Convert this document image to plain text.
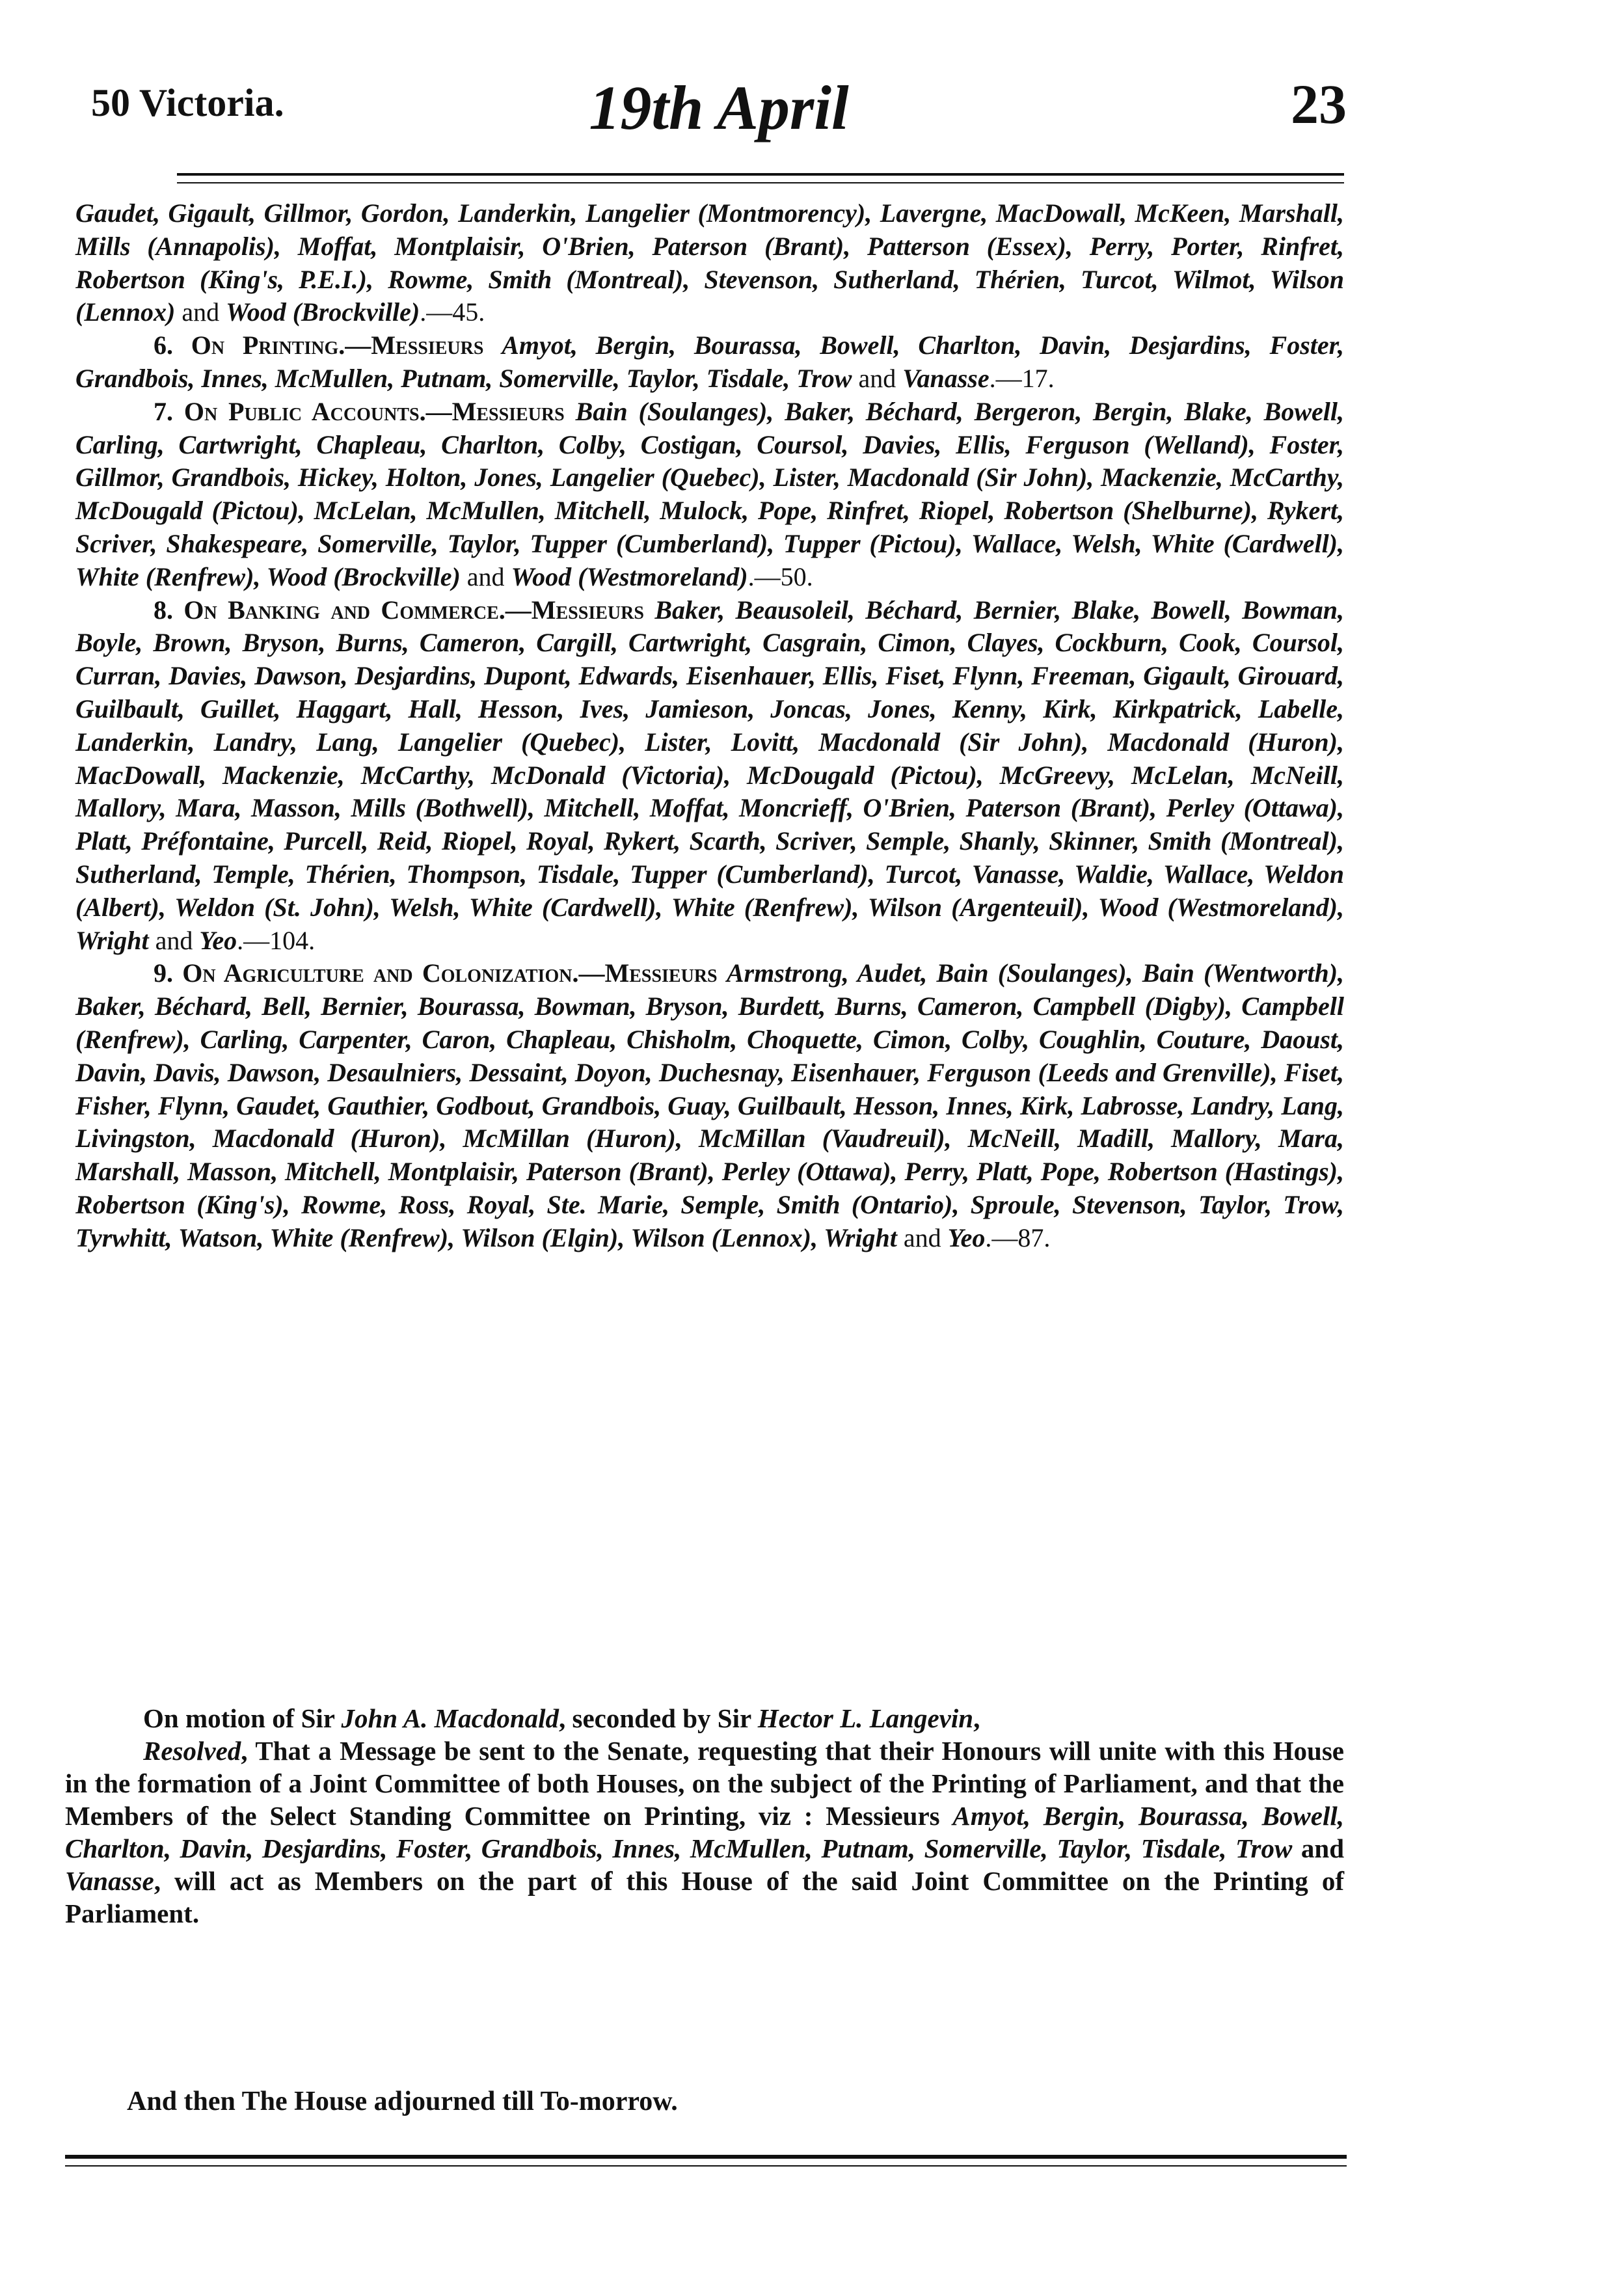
50 Victoria.	19th April	23

Gaudet, Gigault, Gillmor, Gordon, Landerkin, Langelier (Montmorency), Lavergne, MacDowall, McKeen, Marshall, Mills (Annapolis), Moffat, Montplaisir, O'Brien, Paterson (Brant), Patterson (Essex), Perry, Porter, Rinfret, Robertson (King's, P.E.I.), Rowme, Smith (Montreal), Stevenson, Sutherland, Thérien, Turcot, Wilmot, Wilson (Lennox) and Wood (Brockville).—45.

6. On Printing.—Messieurs Amyot, Bergin, Bourassa, Bowell, Charlton, Davin, Desjardins, Foster, Grandbois, Innes, McMullen, Putnam, Somerville, Taylor, Tisdale, Trow and Vanasse.—17.

7. On Public Accounts.—Messieurs Bain (Soulanges), Baker, Béchard, Bergeron, Bergin, Blake, Bowell, Carling, Cartwright, Chapleau, Charlton, Colby, Costigan, Coursol, Davies, Ellis, Ferguson (Welland), Foster, Gillmor, Grandbois, Hickey, Holton, Jones, Langelier (Quebec), Lister, Macdonald (Sir John), Mackenzie, McCarthy, McDougald (Pictou), McLelan, McMullen, Mitchell, Mulock, Pope, Rinfret, Riopel, Robertson (Shelburne), Rykert, Scriver, Shakespeare, Somerville, Taylor, Tupper (Cumberland), Tupper (Pictou), Wallace, Welsh, White (Cardwell), White (Renfrew), Wood (Brockville) and Wood (Westmoreland).—50.

8. On Banking and Commerce.—Messieurs Baker, Beausoleil, Béchard, Bernier, Blake, Bowell, Bowman, Boyle, Brown, Bryson, Burns, Cameron, Cargill, Cartwright, Casgrain, Cimon, Clayes, Cockburn, Cook, Coursol, Curran, Davies, Dawson, Desjardins, Dupont, Edwards, Eisenhauer, Ellis, Fiset, Flynn, Freeman, Gigault, Girouard, Guilbault, Guillet, Haggart, Hall, Hesson, Ives, Jamieson, Joncas, Jones, Kenny, Kirk, Kirkpatrick, Labelle, Landerkin, Landry, Lang, Langelier (Quebec), Lister, Lovitt, Macdonald (Sir John), Macdonald (Huron), MacDowall, Mackenzie, McCarthy, McDonald (Victoria), McDougald (Pictou), McGreevy, McLelan, McNeill, Mallory, Mara, Masson, Mills (Bothwell), Mitchell, Moffat, Moncrieff, O'Brien, Paterson (Brant), Perley (Ottawa), Platt, Préfontaine, Purcell, Reid, Riopel, Royal, Rykert, Scarth, Scriver, Semple, Shanly, Skinner, Smith (Montreal), Sutherland, Temple, Thérien, Thompson, Tisdale, Tupper (Cumberland), Turcot, Vanasse, Waldie, Wallace, Weldon (Albert), Weldon (St. John), Welsh, White (Cardwell), White (Renfrew), Wilson (Argenteuil), Wood (Westmoreland), Wright and Yeo.—104.

9. On Agriculture and Colonization.—Messieurs Armstrong, Audet, Bain (Soulanges), Bain (Wentworth), Baker, Béchard, Bell, Bernier, Bourassa, Bowman, Bryson, Burdett, Burns, Cameron, Campbell (Digby), Campbell (Renfrew), Carling, Carpenter, Caron, Chapleau, Chisholm, Choquette, Cimon, Colby, Coughlin, Couture, Daoust, Davin, Davis, Dawson, Desaulniers, Dessaint, Doyon, Duchesnay, Eisenhauer, Ferguson (Leeds and Grenville), Fiset, Fisher, Flynn, Gaudet, Gauthier, Godbout, Grandbois, Guay, Guilbault, Hesson, Innes, Kirk, Labrosse, Landry, Lang, Livingston, Macdonald (Huron), McMillan (Huron), McMillan (Vaudreuil), McNeill, Madill, Mallory, Mara, Marshall, Masson, Mitchell, Montplaisir, Paterson (Brant), Perley (Ottawa), Perry, Platt, Pope, Robertson (Hastings), Robertson (King's), Rowme, Ross, Royal, Ste. Marie, Semple, Smith (Ontario), Sproule, Stevenson, Taylor, Trow, Tyrwhitt, Watson, White (Renfrew), Wilson (Elgin), Wilson (Lennox), Wright and Yeo.—87.

On motion of Sir John A. Macdonald, seconded by Sir Hector L. Langevin,

Resolved, That a Message be sent to the Senate, requesting that their Honours will unite with this House in the formation of a Joint Committee of both Houses, on the subject of the Printing of Parliament, and that the Members of the Select Standing Committee on Printing, viz : Messieurs Amyot, Bergin, Bourassa, Bowell, Charlton, Davin, Desjardins, Foster, Grandbois, Innes, McMullen, Putnam, Somerville, Taylor, Tisdale, Trow and Vanasse, will act as Members on the part of this House of the said Joint Committee on the Printing of Parliament.

And then The House adjourned till To-morrow.
